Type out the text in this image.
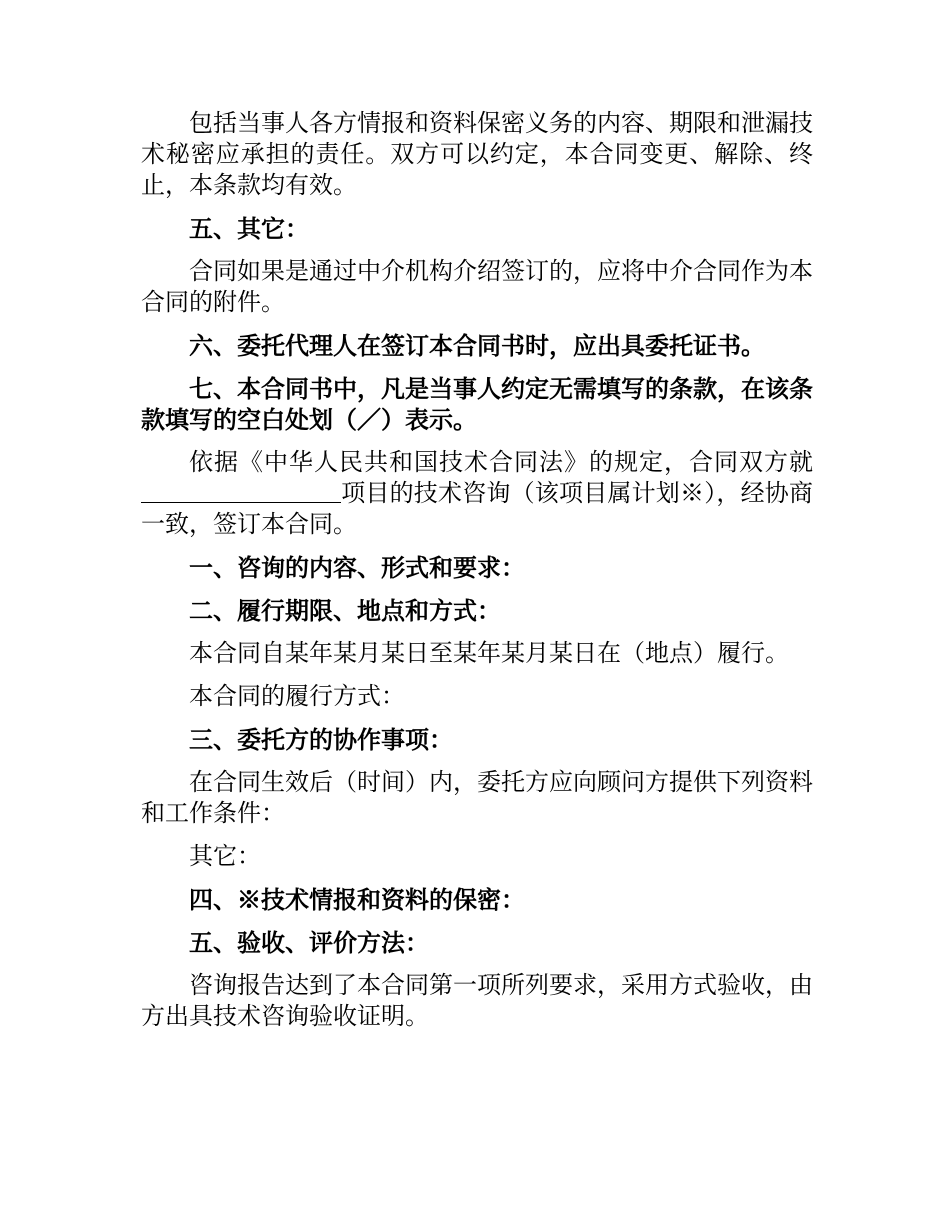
包括当事人各方情报和资料保密义务的内容、期限和泄漏技术秘密应承担的责任。双方可以约定，本合同变更、解除、终止，本条款均有效。

五、其它：

合同如果是通过中介机构介绍签订的，应将中介合同作为本合同的附件。

六、委托代理人在签订本合同书时，应出具委托证书。

七、本合同书中，凡是当事人约定无需填写的条款，在该条款填写的空白处划（／）表示。

依据《中华人民共和国技术合同法》的规定，合同双方就项目的技术咨询（该项目属计划※），经协商一致，签订本合同。

一、咨询的内容、形式和要求：

二、履行期限、地点和方式：

本合同自某年某月某日至某年某月某日在（地点）履行。

本合同的履行方式：

三、委托方的协作事项：

在合同生效后（时间）内，委托方应向顾问方提供下列资料和工作条件：

其它：

四、※技术情报和资料的保密：

五、验收、评价方法：

咨询报告达到了本合同第一项所列要求，采用方式验收，由方出具技术咨询验收证明。
